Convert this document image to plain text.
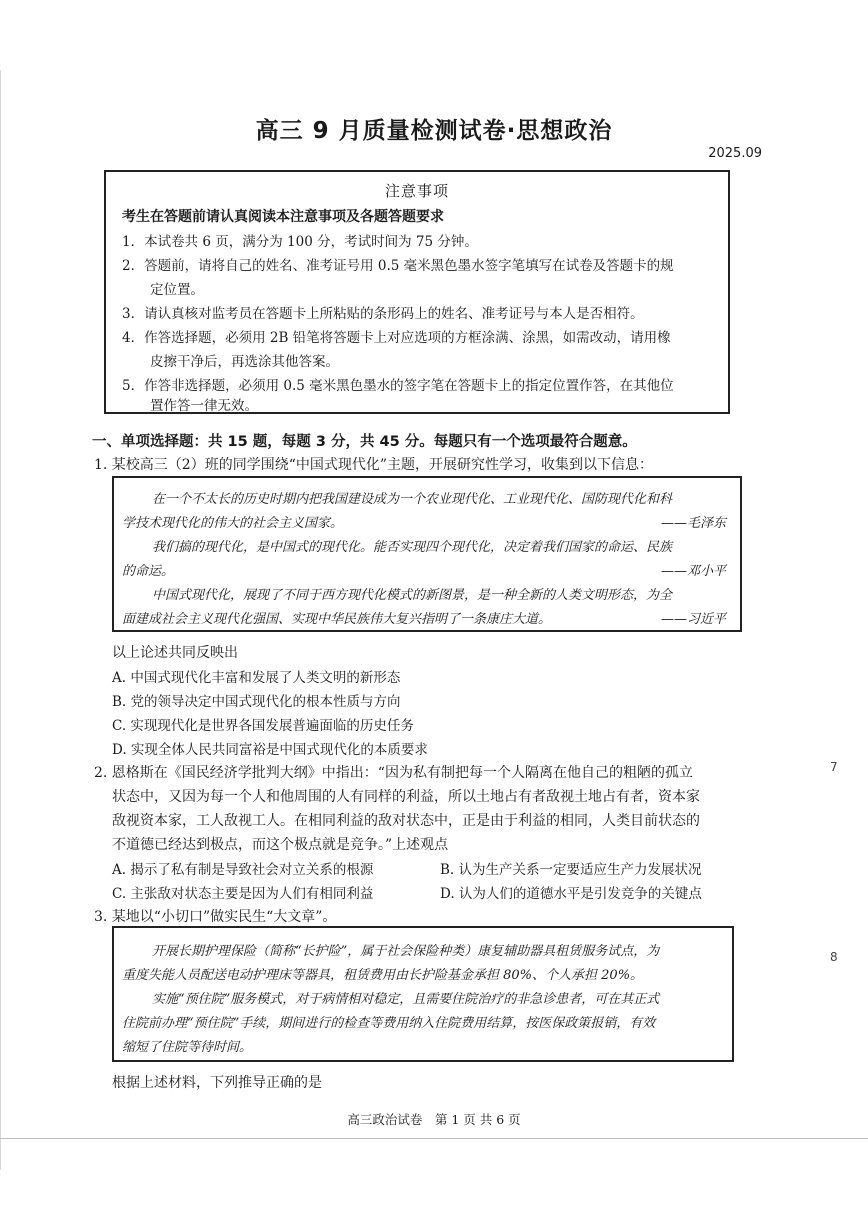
高三 9 月质量检测试卷·思想政治
2025.09
注意事项
考生在答题前请认真阅读本注意事项及各题答题要求
1．本试卷共 6 页，满分为 100 分，考试时间为 75 分钟。
2．答题前，请将自己的姓名、准考证号用 0.5 毫米黑色墨水签字笔填写在试卷及答题卡的规
定位置。
3．请认真核对监考员在答题卡上所粘贴的条形码上的姓名、准考证号与本人是否相符。
4．作答选择题，必须用 2B 铅笔将答题卡上对应选项的方框涂满、涂黑，如需改动，请用橡
皮擦干净后，再选涂其他答案。
5．作答非选择题，必须用 0.5 毫米黑色墨水的签字笔在答题卡上的指定位置作答，在其他位
置作答一律无效。
一、单项选择题：共 15 题，每题 3 分，共 45 分。每题只有一个选项最符合题意。
1. 某校高三（2）班的同学围绕“中国式现代化”主题，开展研究性学习，收集到以下信息：
在一个不太长的历史时期内把我国建设成为一个农业现代化、工业现代化、国防现代化和科
学技术现代化的伟大的社会主义国家。	——毛泽东
我们搞的现代化，是中国式的现代化。能否实现四个现代化，决定着我们国家的命运、民族
的命运。	——邓小平
中国式现代化，展现了不同于西方现代化模式的新图景，是一种全新的人类文明形态，为全
面建成社会主义现代化强国、实现中华民族伟大复兴指明了一条康庄大道。	——习近平
以上论述共同反映出
A. 中国式现代化丰富和发展了人类文明的新形态
B. 党的领导决定中国式现代化的根本性质与方向
C. 实现现代化是世界各国发展普遍面临的历史任务
D. 实现全体人民共同富裕是中国式现代化的本质要求
2. 恩格斯在《国民经济学批判大纲》中指出：“因为私有制把每一个人隔离在他自己的粗陋的孤立
状态中，又因为每一个人和他周围的人有同样的利益，所以土地占有者敌视土地占有者，资本家
敌视资本家，工人敌视工人。在相同利益的敌对状态中，正是由于利益的相同，人类目前状态的
不道德已经达到极点，而这个极点就是竞争。”上述观点
A. 揭示了私有制是导致社会对立关系的根源	B. 认为生产关系一定要适应生产力发展状况
C. 主张敌对状态主要是因为人们有相同利益	D. 认为人们的道德水平是引发竞争的关键点
3. 某地以“小切口”做实民生“大文章”。
开展长期护理保险（简称“长护险”，属于社会保险种类）康复辅助器具租赁服务试点，为
重度失能人员配送电动护理床等器具，租赁费用由长护险基金承担 80%、个人承担 20%。
实施“预住院”服务模式，对于病情相对稳定，且需要住院治疗的非急诊患者，可在其正式
住院前办理“预住院”手续，期间进行的检查等费用纳入住院费用结算，按医保政策报销，有效
缩短了住院等待时间。
根据上述材料，下列推导正确的是
高三政治试卷　第 1 页 共 6 页
7
8
